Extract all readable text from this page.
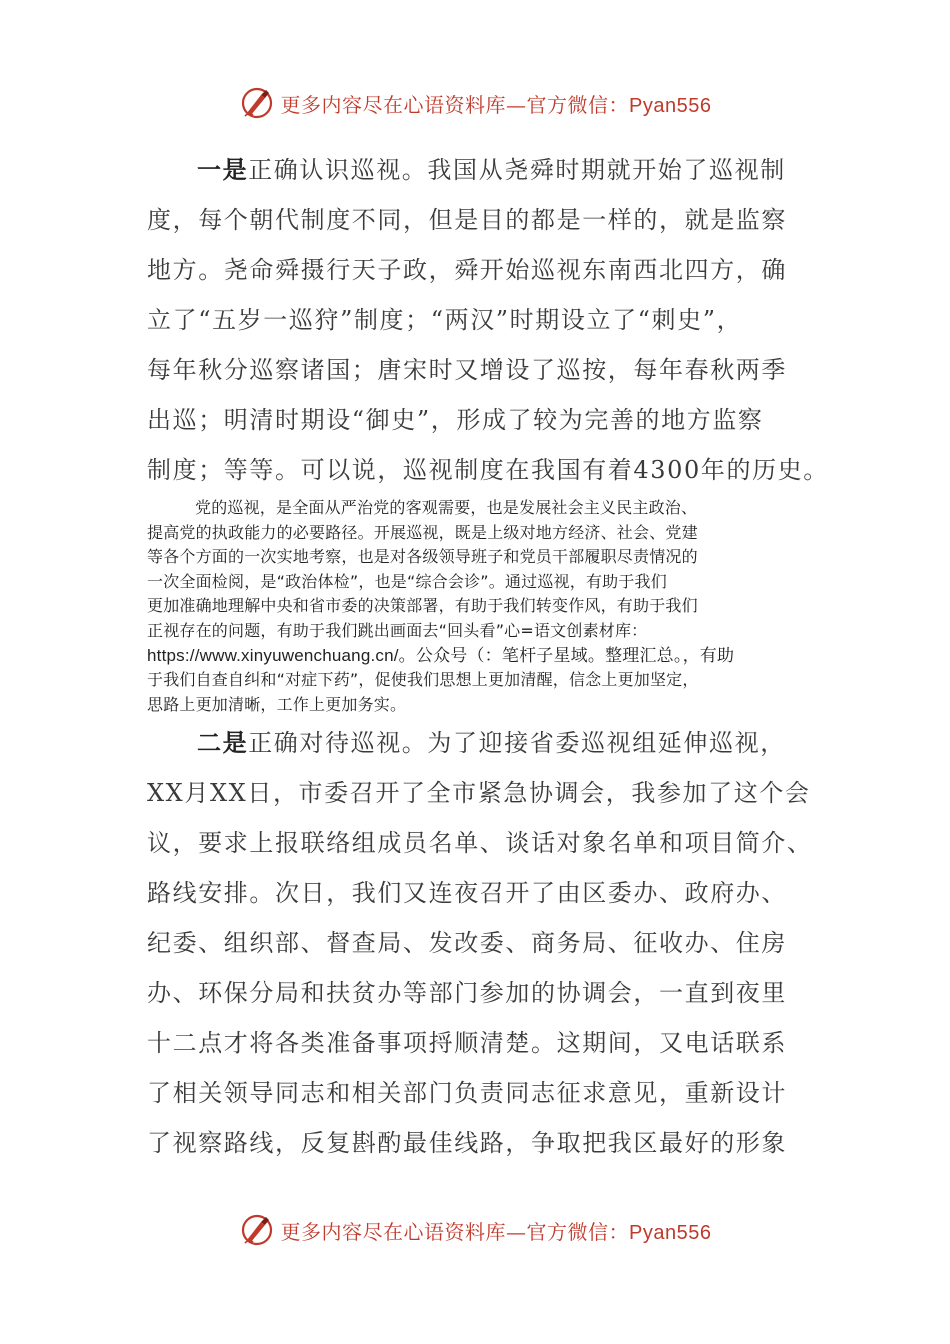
更多内容尽在心语资料库—官方微信：Pyan556
一是正确认识巡视。我国从尧舜时期就开始了巡视制
度，每个朝代制度不同，但是目的都是一样的，就是监察
地方。尧命舜摄行天子政，舜开始巡视东南西北四方，确
立了“五岁一巡狩”制度；“两汉”时期设立了“刺史”，
每年秋分巡察诸国；唐宋时又增设了巡按，每年春秋两季
出巡；明清时期设“御史”，形成了较为完善的地方监察
制度；等等。可以说，巡视制度在我国有着4300年的历史。
党的巡视，是全面从严治党的客观需要，也是发展社会主义民主政治、
提高党的执政能力的必要路径。开展巡视，既是上级对地方经济、社会、党建
等各个方面的一次实地考察，也是对各级领导班子和党员干部履职尽责情况的
一次全面检阅，是“政治体检”，也是“综合会诊”。通过巡视，有助于我们
更加准确地理解中央和省市委的决策部署，有助于我们转变作风，有助于我们
正视存在的问题，有助于我们跳出画面去“回头看”心=语文创素材库：
https://www.xinyuwenchuang.cn/。公众号（：笔杆子星域。整理汇总。，有助
于我们自查自纠和“对症下药”，促使我们思想上更加清醒，信念上更加坚定，
思路上更加清晰，工作上更加务实。
二是正确对待巡视。为了迎接省委巡视组延伸巡视，
XX月XX日，市委召开了全市紧急协调会，我参加了这个会
议，要求上报联络组成员名单、谈话对象名单和项目简介、
路线安排。次日，我们又连夜召开了由区委办、政府办、
纪委、组织部、督查局、发改委、商务局、征收办、住房
办、环保分局和扶贫办等部门参加的协调会，一直到夜里
十二点才将各类准备事项捋顺清楚。这期间，又电话联系
了相关领导同志和相关部门负责同志征求意见，重新设计
了视察路线，反复斟酌最佳线路，争取把我区最好的形象
更多内容尽在心语资料库—官方微信：Pyan556
